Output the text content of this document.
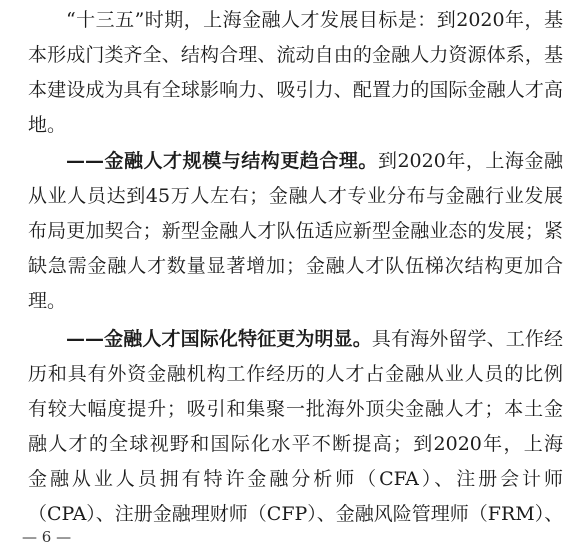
“十三五”时期，上海金融人才发展目标是：到2020年，基
本形成门类齐全、结构合理、流动自由的金融人力资源体系，基
本建设成为具有全球影响力、吸引力、配置力的国际金融人才高
地。
——金融人才规模与结构更趋合理。到2020年，上海金融
从业人员达到45万人左右；金融人才专业分布与金融行业发展
布局更加契合；新型金融人才队伍适应新型金融业态的发展；紧
缺急需金融人才数量显著增加；金融人才队伍梯次结构更加合
理。
——金融人才国际化特征更为明显。具有海外留学、工作经
历和具有外资金融机构工作经历的人才占金融从业人员的比例
有较大幅度提升；吸引和集聚一批海外顶尖金融人才；本土金
融人才的全球视野和国际化水平不断提高；到2020年，上海
金融从业人员拥有特许金融分析师（CFA）、注册会计师
（CPA）、注册金融理财师（CFP）、金融风险管理师（FRM）、
— 6 —
